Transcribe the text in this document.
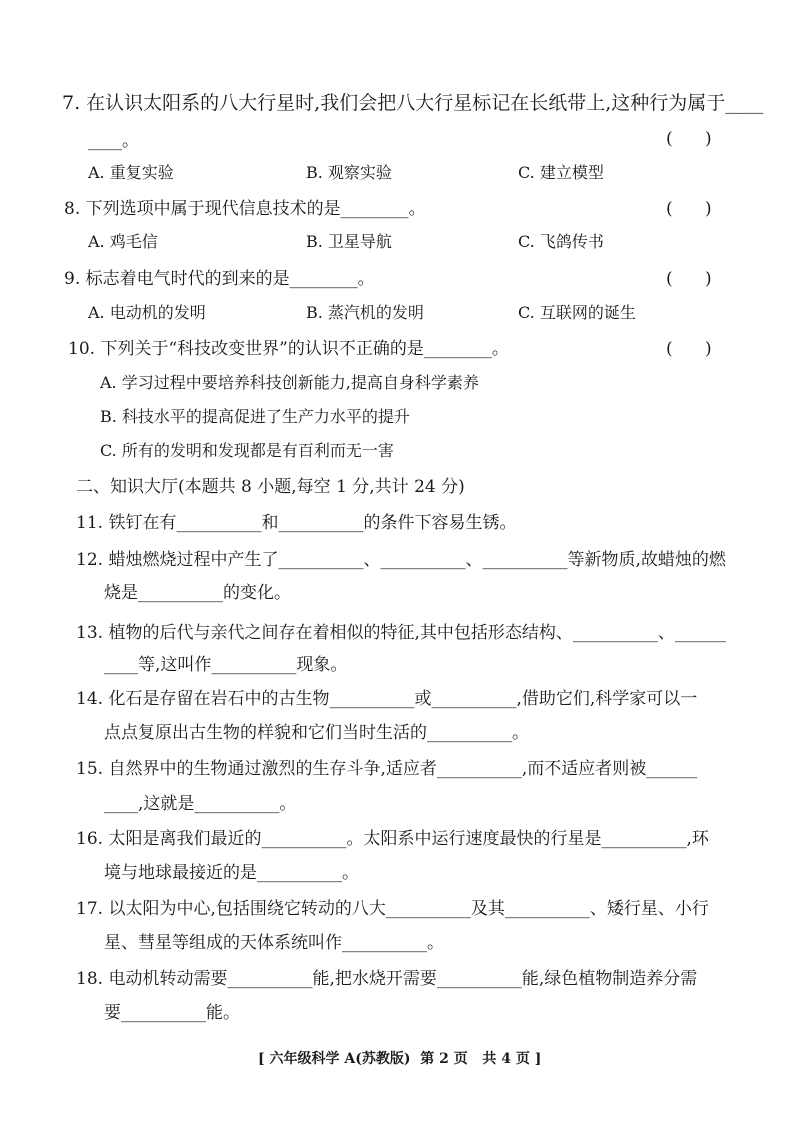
7. 在认识太阳系的八大行星时,我们会把八大行星标记在长纸带上,这种行为属于____
____。	(      )
A. 重复实验	B. 观察实验	C. 建立模型
8. 下列选项中属于现代信息技术的是________。	(      )
A. 鸡毛信	B. 卫星导航	C. 飞鸽传书
9. 标志着电气时代的到来的是________。	(      )
A. 电动机的发明	B. 蒸汽机的发明	C. 互联网的诞生
10. 下列关于“科技改变世界”的认识不正确的是________。	(      )
A. 学习过程中要培养科技创新能力,提高自身科学素养
B. 科技水平的提高促进了生产力水平的提升
C. 所有的发明和发现都是有百利而无一害
二、知识大厅(本题共 8 小题,每空 1 分,共计 24 分)
11. 铁钉在有__________和__________的条件下容易生锈。
12. 蜡烛燃烧过程中产生了__________、__________、__________等新物质,故蜡烛的燃
烧是__________的变化。
13. 植物的后代与亲代之间存在着相似的特征,其中包括形态结构、__________、______
____等,这叫作__________现象。
14. 化石是存留在岩石中的古生物__________或__________,借助它们,科学家可以一
点点复原出古生物的样貌和它们当时生活的__________。
15. 自然界中的生物通过激烈的生存斗争,适应者__________,而不适应者则被______
____,这就是__________。
16. 太阳是离我们最近的__________。太阳系中运行速度最快的行星是__________,环
境与地球最接近的是__________。
17. 以太阳为中心,包括围绕它转动的八大__________及其__________、矮行星、小行
星、彗星等组成的天体系统叫作__________。
18. 电动机转动需要__________能,把水烧开需要__________能,绿色植物制造养分需
要__________能。
[ 六年级科学 A(苏教版)  第 2 页   共 4 页 ]
